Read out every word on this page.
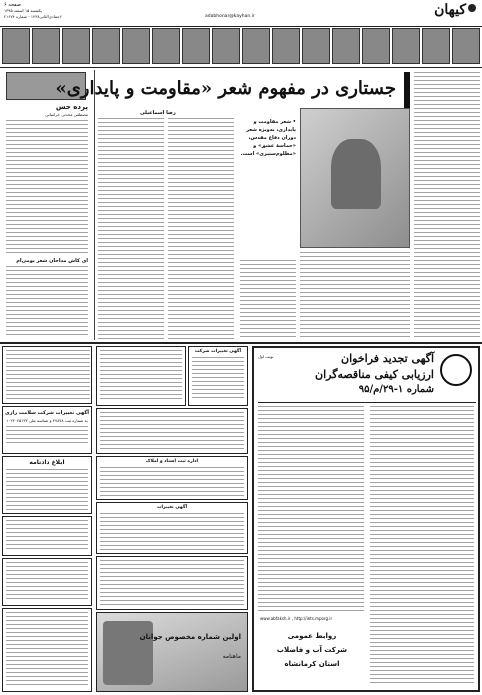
صفحه ۶
یکشنبه ۱۵ اسفند ۱۳۹۵
۶جمادی‌الثانی۱۴۳۸ - شماره ۲۱۶۷۴	adabhonar@kayhan.ir	کیهان
پرده حس
مصطفی محدثی خراسانی
ای کاش مداحان شعر بومی‌ام
جستاری در مفهوم شعر «مقاومت و پایداری»
رضا اسماعیلی
• شعر مقاومت و پایداری، به‌ویژه شعر دوران دفاع مقدس، «حماسهٔ عشق» و «مظلوم‌ستیزی» است.
آگهی تغییرات شرکت سلامت رازی
به شماره ثبت ۴۷۸۷۸ و شناسه ملی ۱۰۲۴۰۴۵۱۳۳
ابلاغ دادنامه
آگهی تغییرات شرکت
اداره ثبت اسناد و املاک
آگهی تغییرات
اولین شماره مخصوص جوانان
ماهنامه
نوبت اول	آگهی تجدید فراخوان
ارزیابی کیفی مناقصه‌گران
شماره ۱-۲۹/م/۹۵
www.abfaksh.ir , http://iets.mporg.ir
روابط عمومی
شرکت آب و فاضلاب
استان کرمانشاه
